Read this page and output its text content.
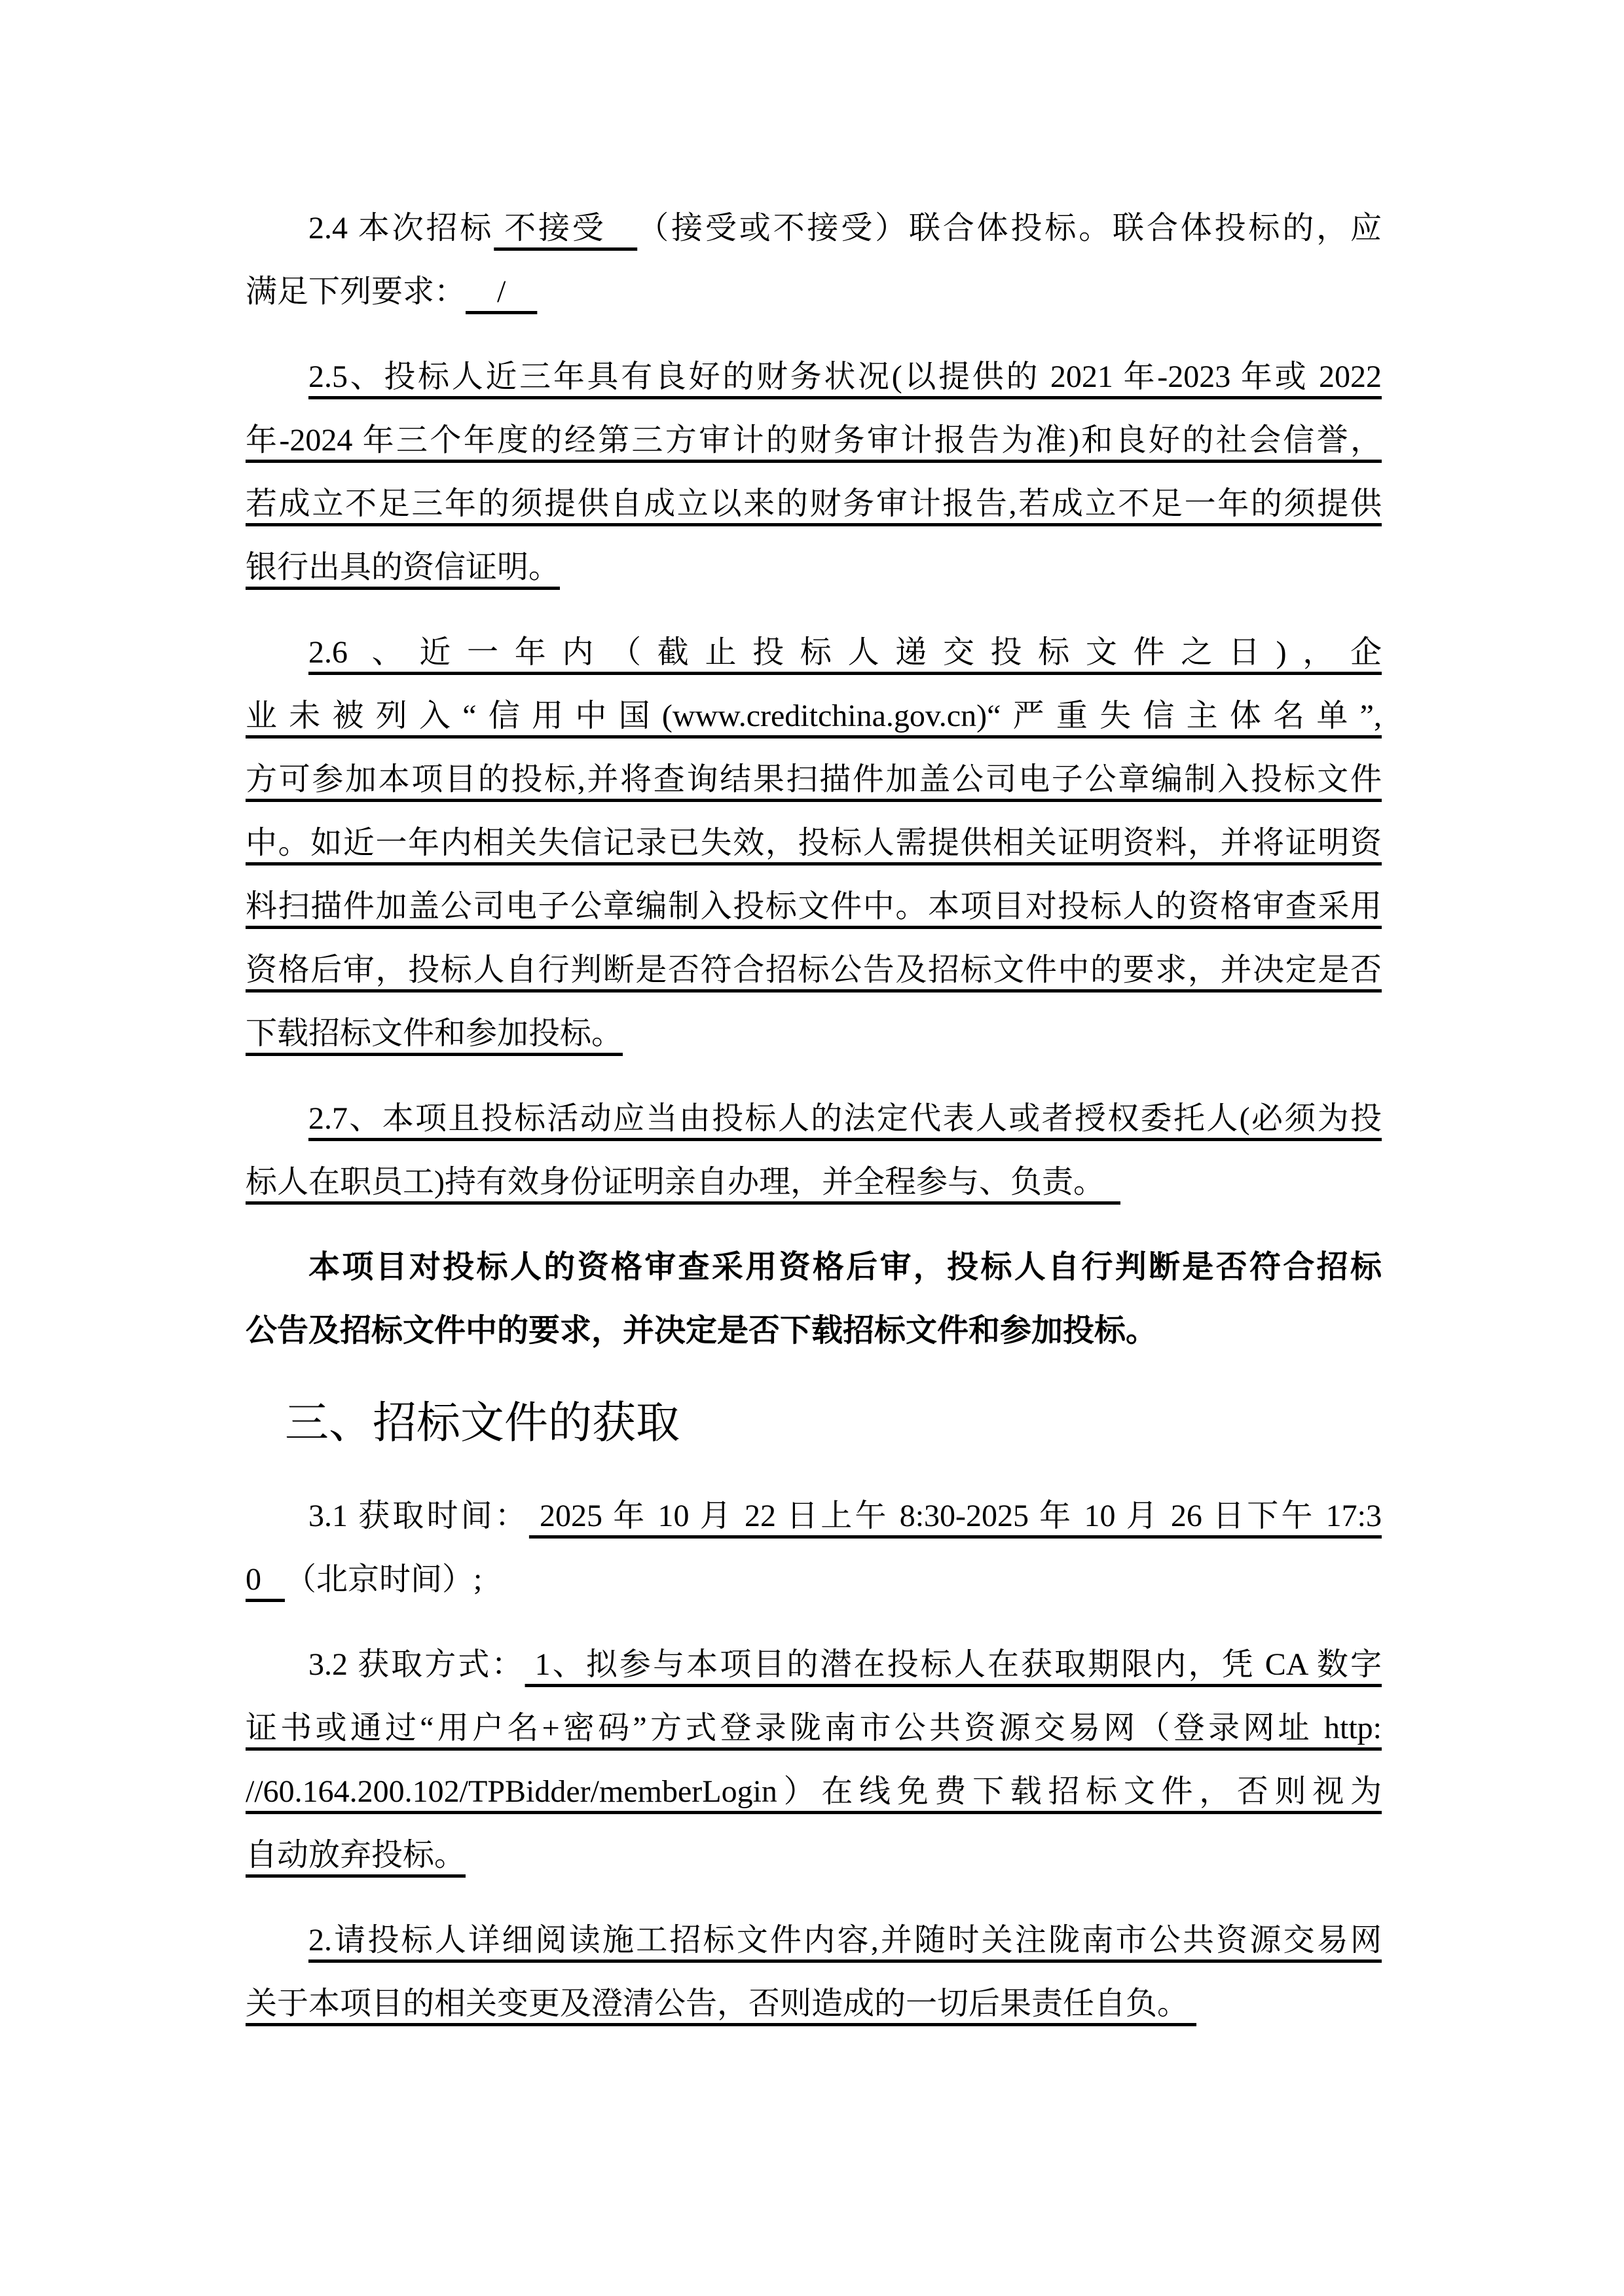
2.4 本次招标 不接受   （接受或不接受）联合体投标。联合体投标的，应
满足下列要求：    /
2.5、投标人近三年具有良好的财务状况(以提供的 2021 年-2023 年或 2022
年-2024 年三个年度的经第三方审计的财务审计报告为准)和良好的社会信誉，
若成立不足三年的须提供自成立以来的财务审计报告,若成立不足一年的须提供
银行出具的资信证明。
2.6 、近一年内（截止投标人递交投标文件之日)，企
业未被列入“信用中国(www.creditchina.gov.cn)“严重失信主体名单”,
方可参加本项目的投标,并将查询结果扫描件加盖公司电子公章编制入投标文件
中。如近一年内相关失信记录已失效，投标人需提供相关证明资料，并将证明资
料扫描件加盖公司电子公章编制入投标文件中。本项目对投标人的资格审查采用
资格后审，投标人自行判断是否符合招标公告及招标文件中的要求，并决定是否
下载招标文件和参加投标。
2.7、本项且投标活动应当由投标人的法定代表人或者授权委托人(必须为投
标人在职员工)持有效身份证明亲自办理，并全程参与、负责。
本项目对投标人的资格审查采用资格后审，投标人自行判断是否符合招标
公告及招标文件中的要求，并决定是否下载招标文件和参加投标。
三、招标文件的获取
3.1 获取时间： 2025 年 10 月 22 日上午 8:30-2025 年 10 月 26 日下午 17:3
0   （北京时间）;
3.2 获取方式： 1、拟参与本项目的潜在投标人在获取期限内，凭 CA 数字
证书或通过“用户名+密码”方式登录陇南市公共资源交易网（登录网址 http:
//60.164.200.102/TPBidder/memberLogin）在线免费下载招标文件，否则视为
自动放弃投标。
2.请投标人详细阅读施工招标文件内容,并随时关注陇南市公共资源交易网
关于本项目的相关变更及澄清公告，否则造成的一切后果责任自负。
